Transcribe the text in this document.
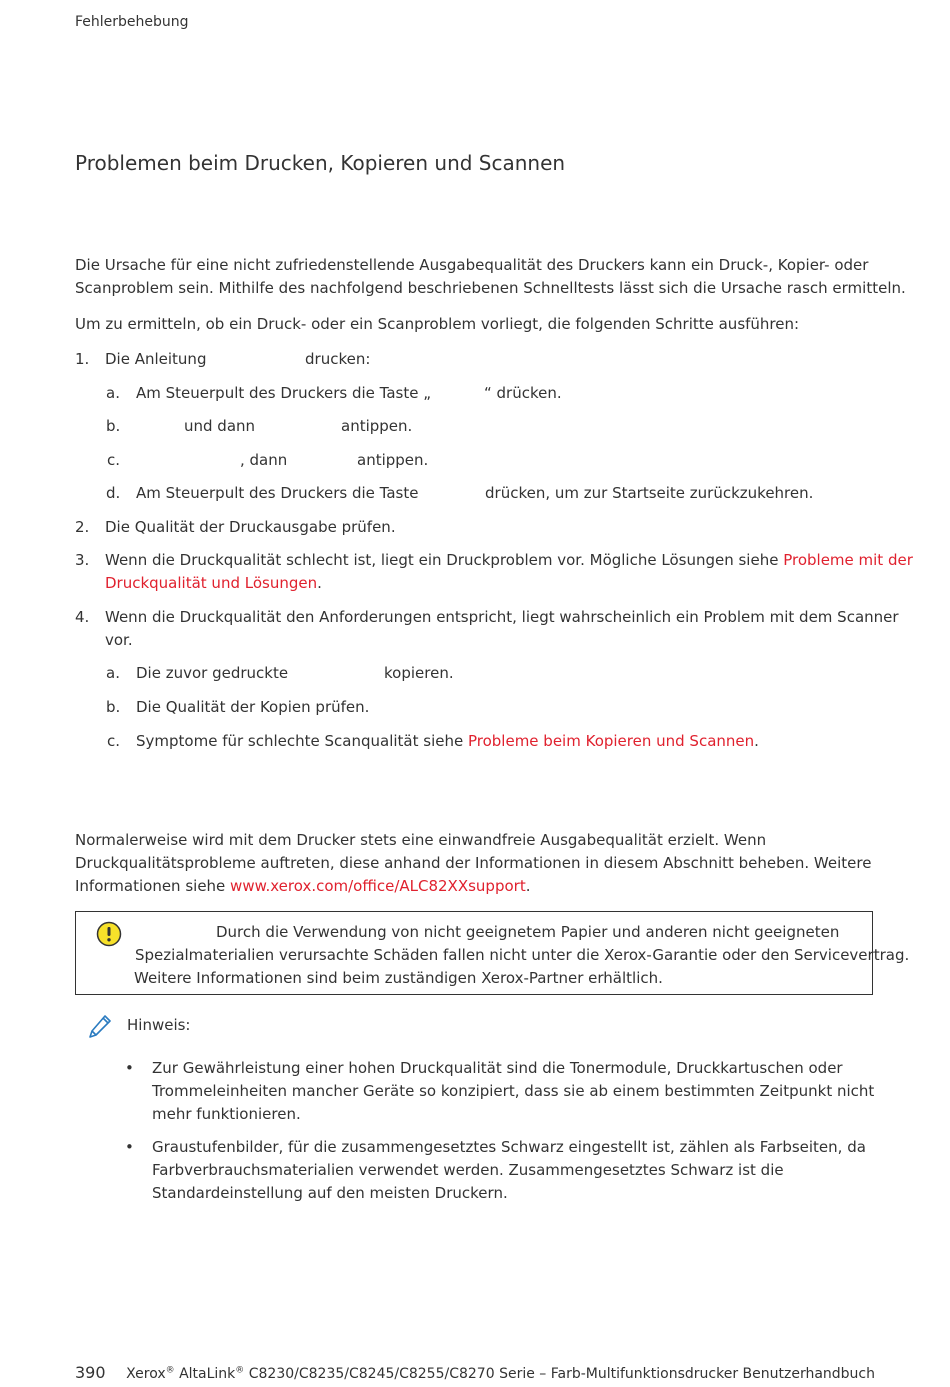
Fehlerbehebung
Problemen beim Drucken, Kopieren und Scannen
Die Ursache für eine nicht zufriedenstellende Ausgabequalität des Druckers kann ein Druck-, Kopier- oder
Scanproblem sein. Mithilfe des nachfolgend beschriebenen Schnelltests lässt sich die Ursache rasch ermitteln.
Um zu ermitteln, ob ein Druck- oder ein Scanproblem vorliegt, die folgenden Schritte ausführen:
1. Die Anleitung	drucken:
a. Am Steuerpult des Druckers die Taste „	“ drücken.
b.	und dann	antippen.
c.	, dann	antippen.
d. Am Steuerpult des Druckers die Taste	drücken, um zur Startseite zurückzukehren.
2. Die Qualität der Druckausgabe prüfen.
3. Wenn die Druckqualität schlecht ist, liegt ein Druckproblem vor. Mögliche Lösungen siehe Probleme mit der
Druckqualität und Lösungen.
4. Wenn die Druckqualität den Anforderungen entspricht, liegt wahrscheinlich ein Problem mit dem Scanner
vor.
a. Die zuvor gedruckte	kopieren.
b. Die Qualität der Kopien prüfen.
c. Symptome für schlechte Scanqualität siehe Probleme beim Kopieren und Scannen.
Normalerweise wird mit dem Drucker stets eine einwandfreie Ausgabequalität erzielt. Wenn
Druckqualitätsprobleme auftreten, diese anhand der Informationen in diesem Abschnitt beheben. Weitere
Informationen siehe www.xerox.com/office/ALC82XXsupport.
Durch die Verwendung von nicht geeignetem Papier und anderen nicht geeigneten
Spezialmaterialien verursachte Schäden fallen nicht unter die Xerox-Garantie oder den Servicevertrag.
Weitere Informationen sind beim zuständigen Xerox-Partner erhältlich.
Hinweis:
• Zur Gewährleistung einer hohen Druckqualität sind die Tonermodule, Druckkartuschen oder
Trommeleinheiten mancher Geräte so konzipiert, dass sie ab einem bestimmten Zeitpunkt nicht
mehr funktionieren.
• Graustufenbilder, für die zusammengesetztes Schwarz eingestellt ist, zählen als Farbseiten, da
Farbverbrauchsmaterialien verwendet werden. Zusammengesetztes Schwarz ist die
Standardeinstellung auf den meisten Druckern.
390 Xerox® AltaLink® C8230/C8235/C8245/C8255/C8270 Serie – Farb-Multifunktionsdrucker Benutzerhandbuch
